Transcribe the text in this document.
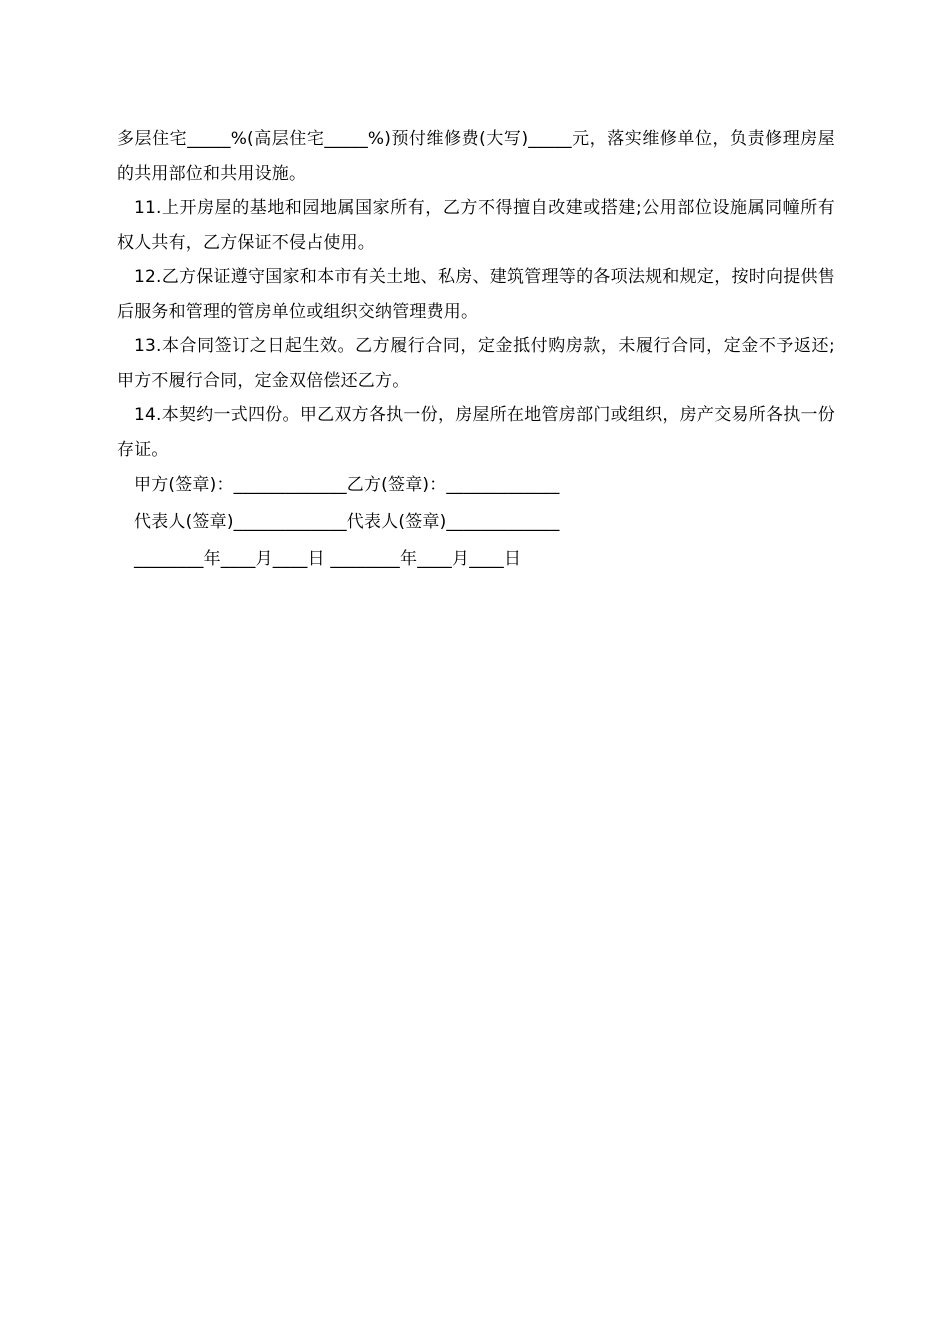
多层住宅_____%(高层住宅_____%)预付维修费(大写)_____元，落实维修单位，负责修理房屋的共用部位和共用设施。

11.上开房屋的基地和园地属国家所有，乙方不得擅自改建或搭建;公用部位设施属同幢所有权人共有，乙方保证不侵占使用。

12.乙方保证遵守国家和本市有关土地、私房、建筑管理等的各项法规和规定，按时向提供售后服务和管理的管房单位或组织交纳管理费用。

13.本合同签订之日起生效。乙方履行合同，定金抵付购房款，未履行合同，定金不予返还;甲方不履行合同，定金双倍偿还乙方。

14.本契约一式四份。甲乙双方各执一份，房屋所在地管房部门或组织，房产交易所各执一份存证。

甲方(签章)：_____________乙方(签章)：_____________

代表人(签章)_____________代表人(签章)_____________

________年____月____日 ________年____月____日
